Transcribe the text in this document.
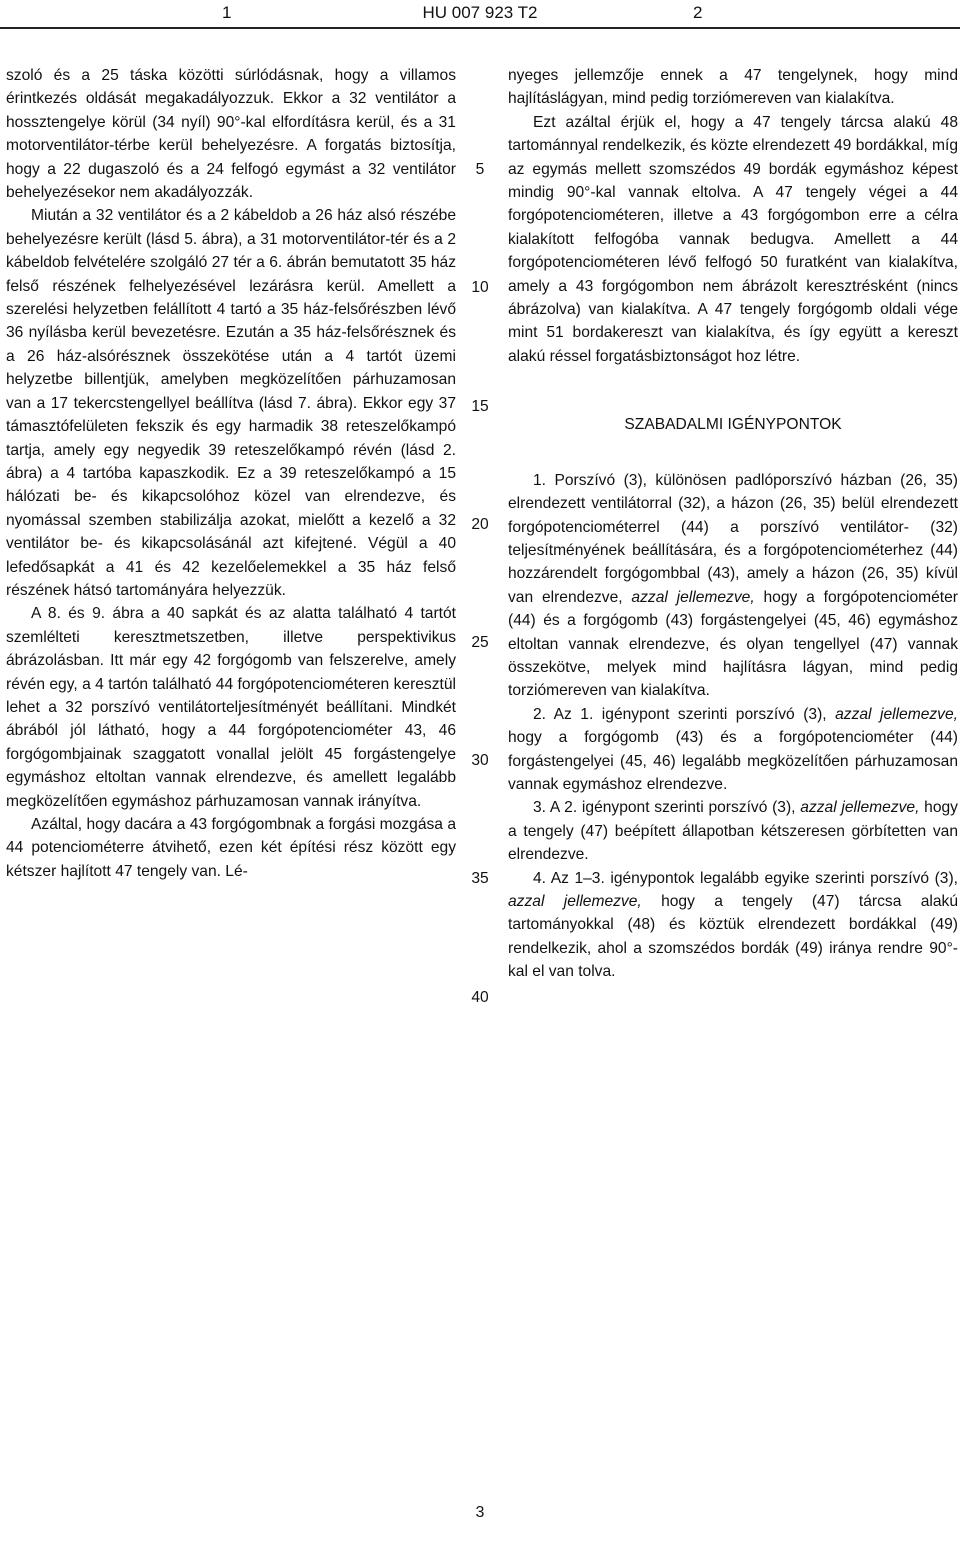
1	HU 007 923 T2	2

szoló és a 25 táska közötti súrlódásnak, hogy a villamos érintkezés oldását megakadályozzuk. Ekkor a 32 ventilátor a hossztengelye körül (34 nyíl) 90°-kal elfordításra kerül, és a 31 motorventilátor-térbe kerül behelyezésre. A forgatás biztosítja, hogy a 22 dugaszoló és a 24 felfogó egymást a 32 ventilátor behelyezésekor nem akadályozzák.

Miután a 32 ventilátor és a 2 kábeldob a 26 ház alsó részébe behelyezésre került (lásd 5. ábra), a 31 motorventilátor-tér és a 2 kábeldob felvételére szolgáló 27 tér a 6. ábrán bemutatott 35 ház felső részének felhelyezésével lezárásra kerül. Amellett a szerelési helyzetben felállított 4 tartó a 35 ház-felsőrészben lévő 36 nyílásba kerül bevezetésre. Ezután a 35 ház-felsőrésznek és a 26 ház-alsórésznek összekötése után a 4 tartót üzemi helyzetbe billentjük, amelyben megközelítően párhuzamosan van a 17 tekercstengellyel beállítva (lásd 7. ábra). Ekkor egy 37 támasztófelületen fekszik és egy harmadik 38 reteszelőkampó tartja, amely egy negyedik 39 reteszelőkampó révén (lásd 2. ábra) a 4 tartóba kapaszkodik. Ez a 39 reteszelőkampó a 15 hálózati be- és kikapcsolóhoz közel van elrendezve, és nyomással szemben stabilizálja azokat, mielőtt a kezelő a 32 ventilátor be- és kikapcsolásánál azt kifejtené. Végül a 40 lefedősapkát a 41 és 42 kezelőelemekkel a 35 ház felső részének hátsó tartományára helyezzük.

A 8. és 9. ábra a 40 sapkát és az alatta található 4 tartót szemlélteti keresztmetszetben, illetve perspektivikus ábrázolásban. Itt már egy 42 forgógomb van felszerelve, amely révén egy, a 4 tartón található 44 forgópotenciométeren keresztül lehet a 32 porszívó ventilátorteljesítményét beállítani. Mindkét ábrából jól látható, hogy a 44 forgópotenciométer 43, 46 forgógombjainak szaggatott vonallal jelölt 45 forgástengelye egymáshoz eltoltan vannak elrendezve, és amellett legalább megközelítően egymáshoz párhuzamosan vannak irányítva.

Azáltal, hogy dacára a 43 forgógombnak a forgási mozgása a 44 potenciométerre átvihető, ezen két építési rész között egy kétszer hajlított 47 tengely van. Lé-

5
10
15
20
25
30
35
40

nyeges jellemzője ennek a 47 tengelynek, hogy mind hajlításlágyan, mind pedig torziómereven van kialakítva.

Ezt azáltal érjük el, hogy a 47 tengely tárcsa alakú 48 tartománnyal rendelkezik, és közte elrendezett 49 bordákkal, míg az egymás mellett szomszédos 49 bordák egymáshoz képest mindig 90°-kal vannak eltolva. A 47 tengely végei a 44 forgópotenciométeren, illetve a 43 forgógombon erre a célra kialakított felfogóba vannak bedugva. Amellett a 44 forgópotenciométeren lévő felfogó 50 furatként van kialakítva, amely a 43 forgógombon nem ábrázolt keresztrésként (nincs ábrázolva) van kialakítva. A 47 tengely forgógomb oldali vége mint 51 bordakereszt van kialakítva, és így együtt a kereszt alakú réssel forgatásbiztonságot hoz létre.

SZABADALMI IGÉNYPONTOK

1. Porszívó (3), különösen padlóporszívó házban (26, 35) elrendezett ventilátorral (32), a házon (26, 35) belül elrendezett forgópotenciométerrel (44) a porszívó ventilátor- (32) teljesítményének beállítására, és a forgópotenciométerhez (44) hozzárendelt forgógombbal (43), amely a házon (26, 35) kívül van elrendezve, azzal jellemezve, hogy a forgópotenciométer (44) és a forgógomb (43) forgástengelyei (45, 46) egymáshoz eltoltan vannak elrendezve, és olyan tengellyel (47) vannak összekötve, melyek mind hajlításra lágyan, mind pedig torziómereven van kialakítva.

2. Az 1. igénypont szerinti porszívó (3), azzal jellemezve, hogy a forgógomb (43) és a forgópotenciométer (44) forgástengelyei (45, 46) legalább megközelítően párhuzamosan vannak egymáshoz elrendezve.

3. A 2. igénypont szerinti porszívó (3), azzal jellemezve, hogy a tengely (47) beépített állapotban kétszeresen görbítetten van elrendezve.

4. Az 1–3. igénypontok legalább egyike szerinti porszívó (3), azzal jellemezve, hogy a tengely (47) tárcsa alakú tartományokkal (48) és köztük elrendezett bordákkal (49) rendelkezik, ahol a szomszédos bordák (49) iránya rendre 90°-kal el van tolva.

3
